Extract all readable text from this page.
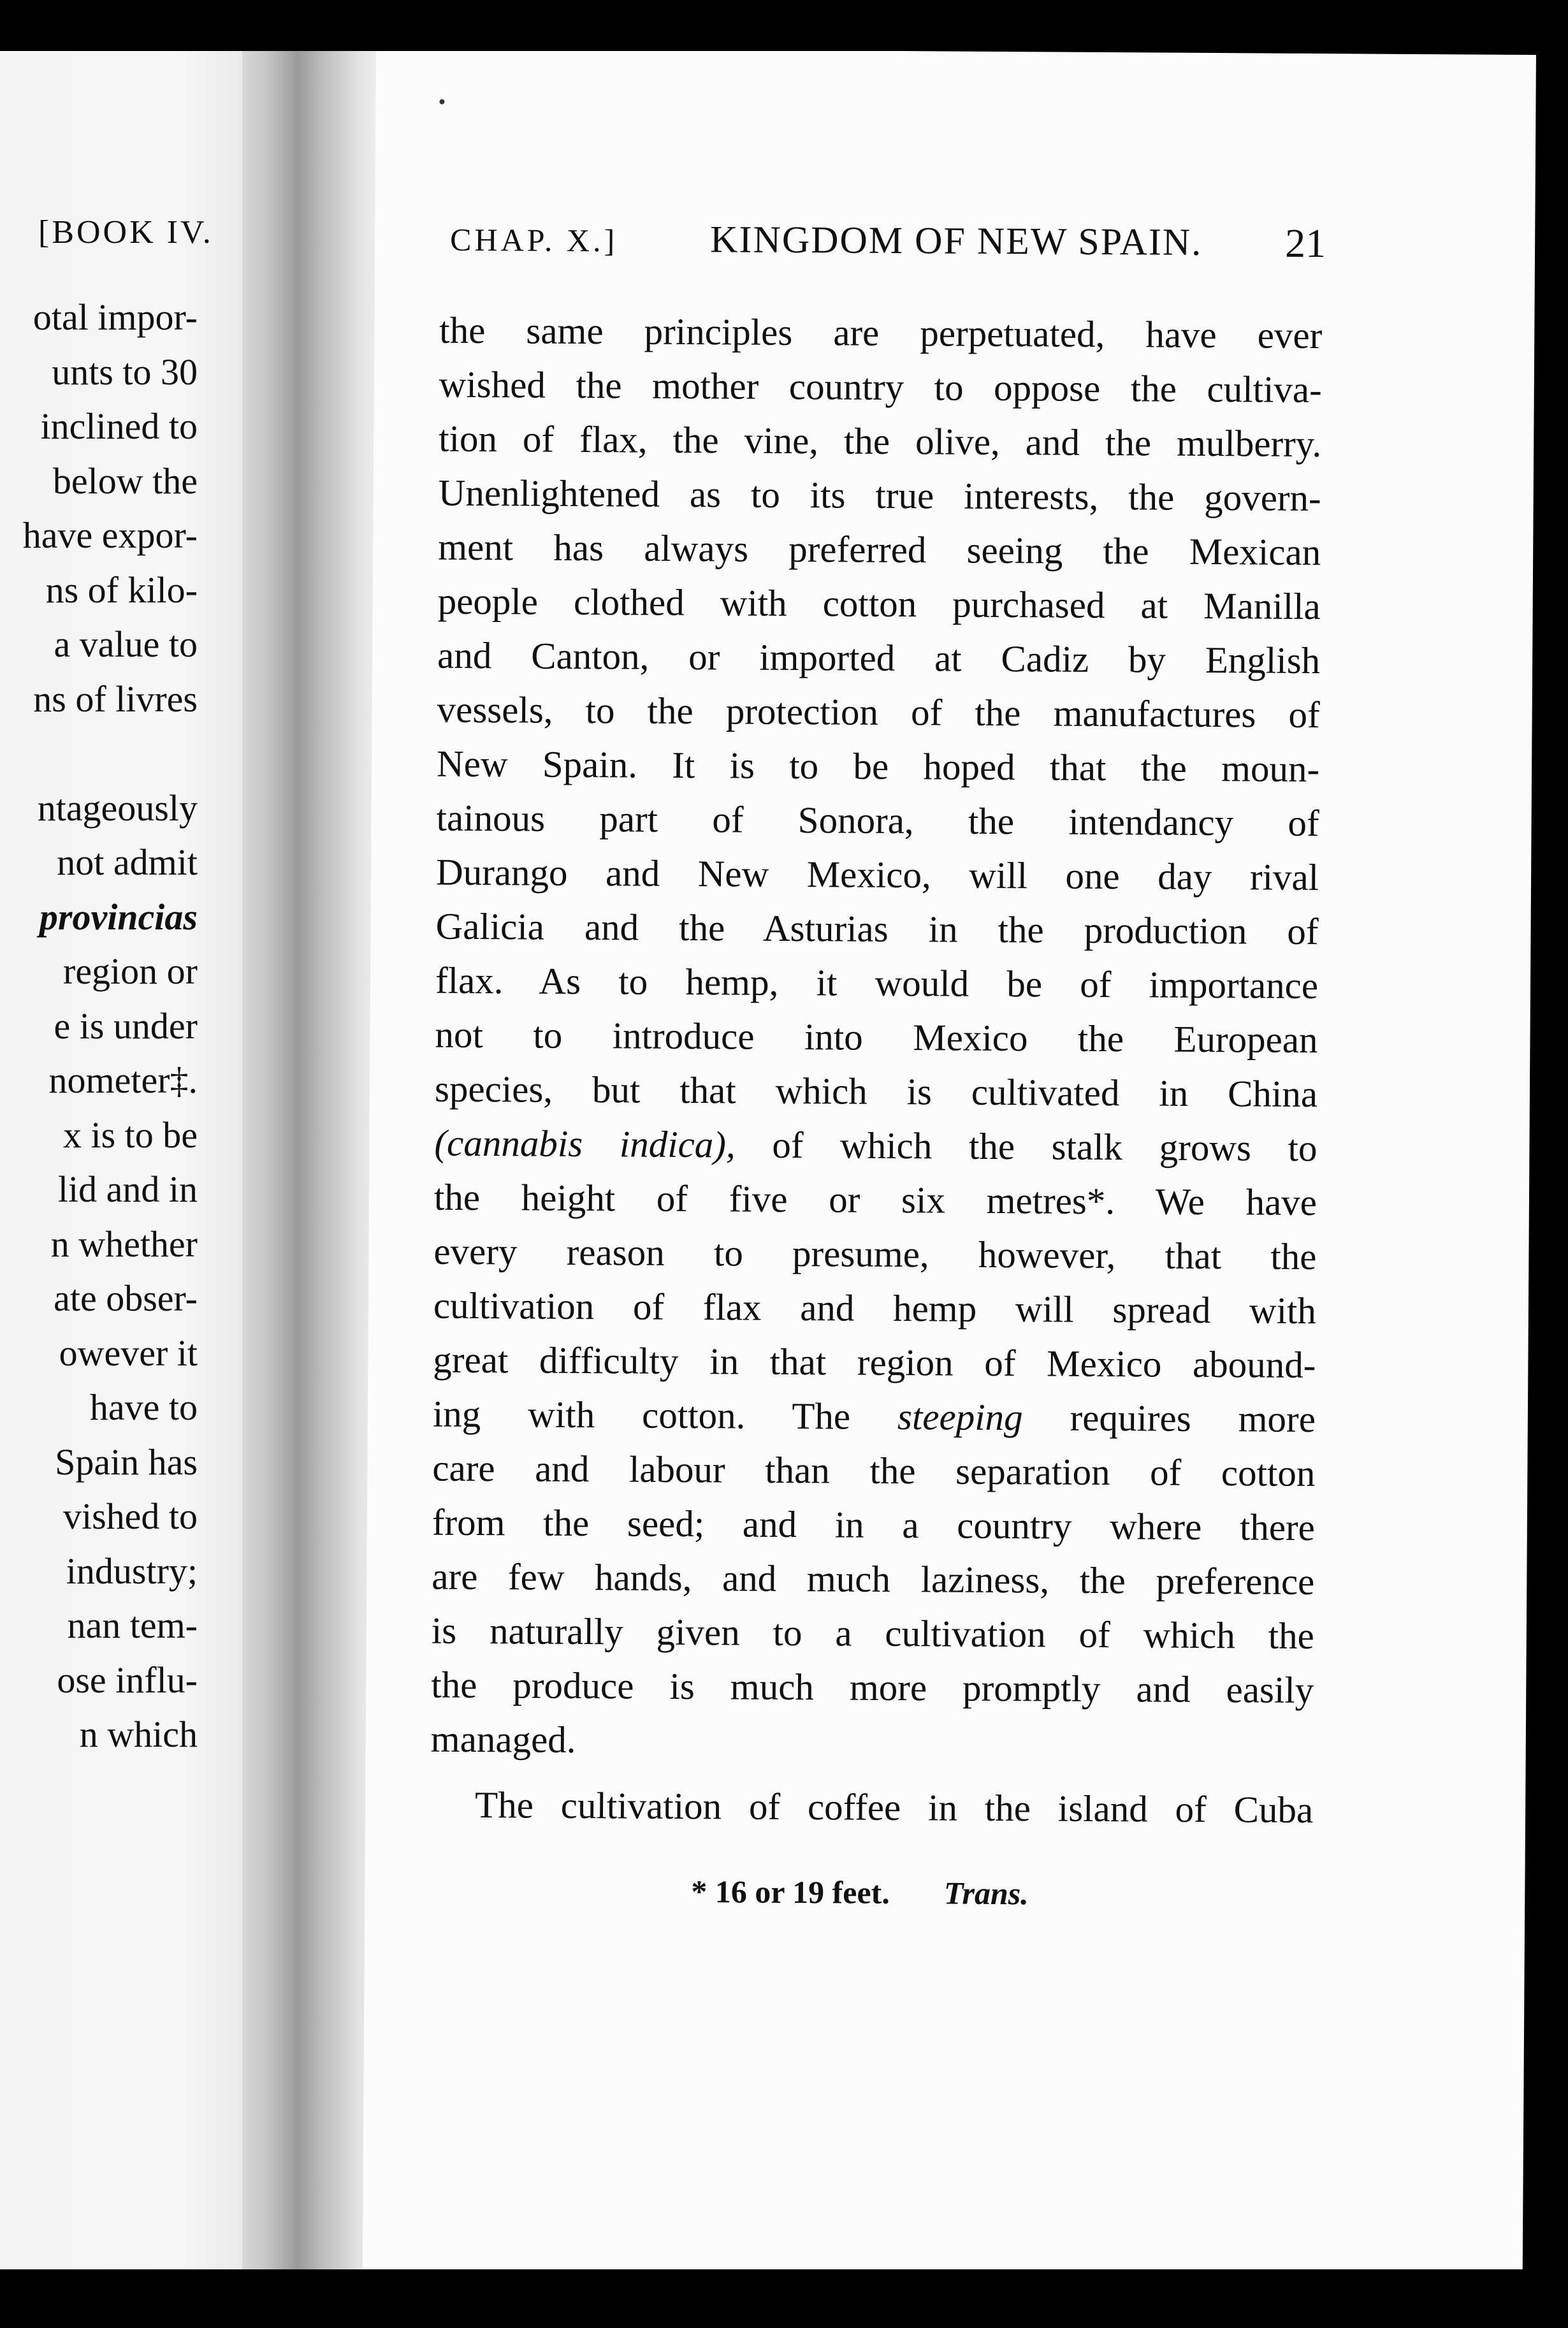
[BOOK IV.
otal impor-
unts to 30
inclined to
below the
have expor-
ns of kilo-
a value to
ns of livres
ntageously
not admit
provincias
region or
e is under
nometer‡.
x is to be
lid and in
n whether
ate obser-
owever it
have to
Spain has
vished to
industry;
nan tem-
ose influ-
n which
CHAP. X.] KINGDOM OF NEW SPAIN. 21
the same principles are perpetuated, have ever
wished the mother country to oppose the cultiva-
tion of flax, the vine, the olive, and the mulberry.
Unenlightened as to its true interests, the govern-
ment has always preferred seeing the Mexican
people clothed with cotton purchased at Manilla
and Canton, or imported at Cadiz by English
vessels, to the protection of the manufactures of
New Spain. It is to be hoped that the moun-
tainous part of Sonora, the intendancy of
Durango and New Mexico, will one day rival
Galicia and the Asturias in the production of
flax. As to hemp, it would be of importance
not to introduce into Mexico the European
species, but that which is cultivated in China
(cannabis indica), of which the stalk grows to
the height of five or six metres*. We have
every reason to presume, however, that the
cultivation of flax and hemp will spread with
great difficulty in that region of Mexico abound-
ing with cotton. The steeping requires more
care and labour than the separation of cotton
from the seed; and in a country where there
are few hands, and much laziness, the preference
is naturally given to a cultivation of which the
the produce is much more promptly and easily
managed.
The cultivation of coffee in the island of Cuba
* 16 or 19 feet. Trans.
